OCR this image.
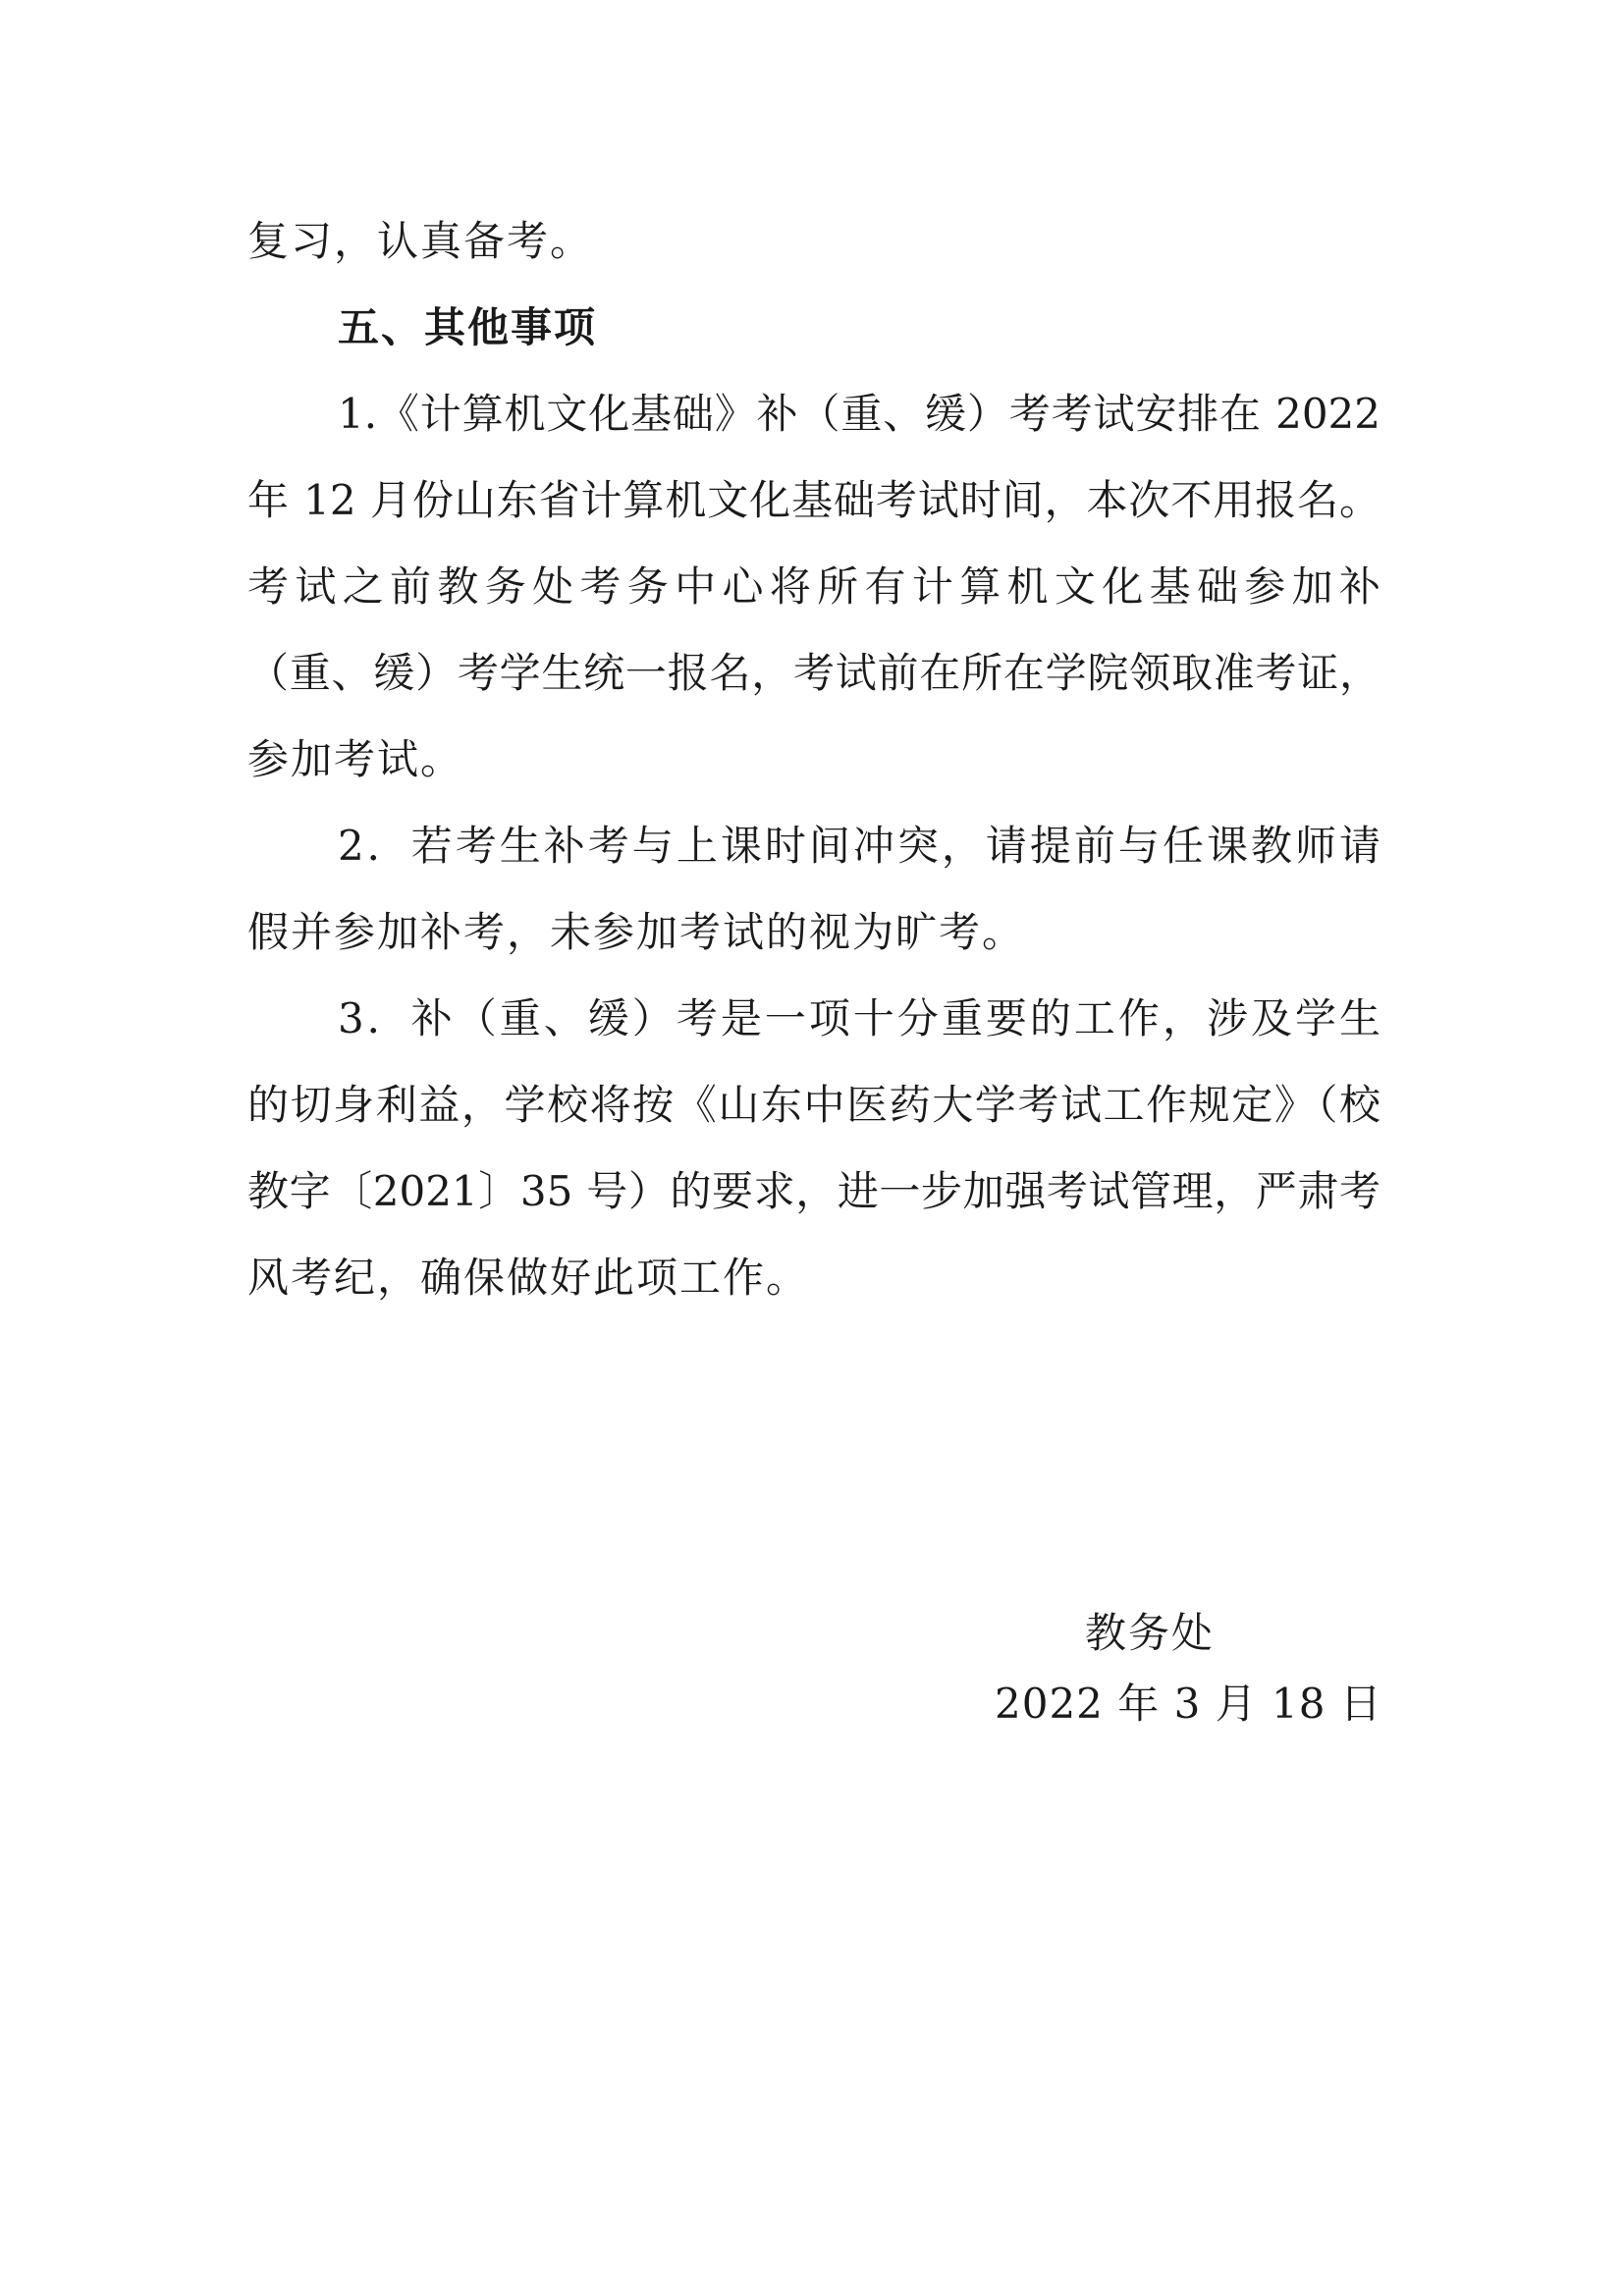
复习，认真备考。
五、其他事项
1.《计算机文化基础》补（重、缓）考考试安排在 2022
年 12 月份山东省计算机文化基础考试时间，本次不用报名。
考试之前教务处考务中心将所有计算机文化基础参加补
（重、缓）考学生统一报名，考试前在所在学院领取准考证，
参加考试。
2．若考生补考与上课时间冲突，请提前与任课教师请
假并参加补考，未参加考试的视为旷考。
3．补（重、缓）考是一项十分重要的工作，涉及学生
的切身利益，学校将按《山东中医药大学考试工作规定》（校
教字〔2021〕35 号）的要求，进一步加强考试管理，严肃考
风考纪，确保做好此项工作。
教务处
2022 年 3 月 18 日
